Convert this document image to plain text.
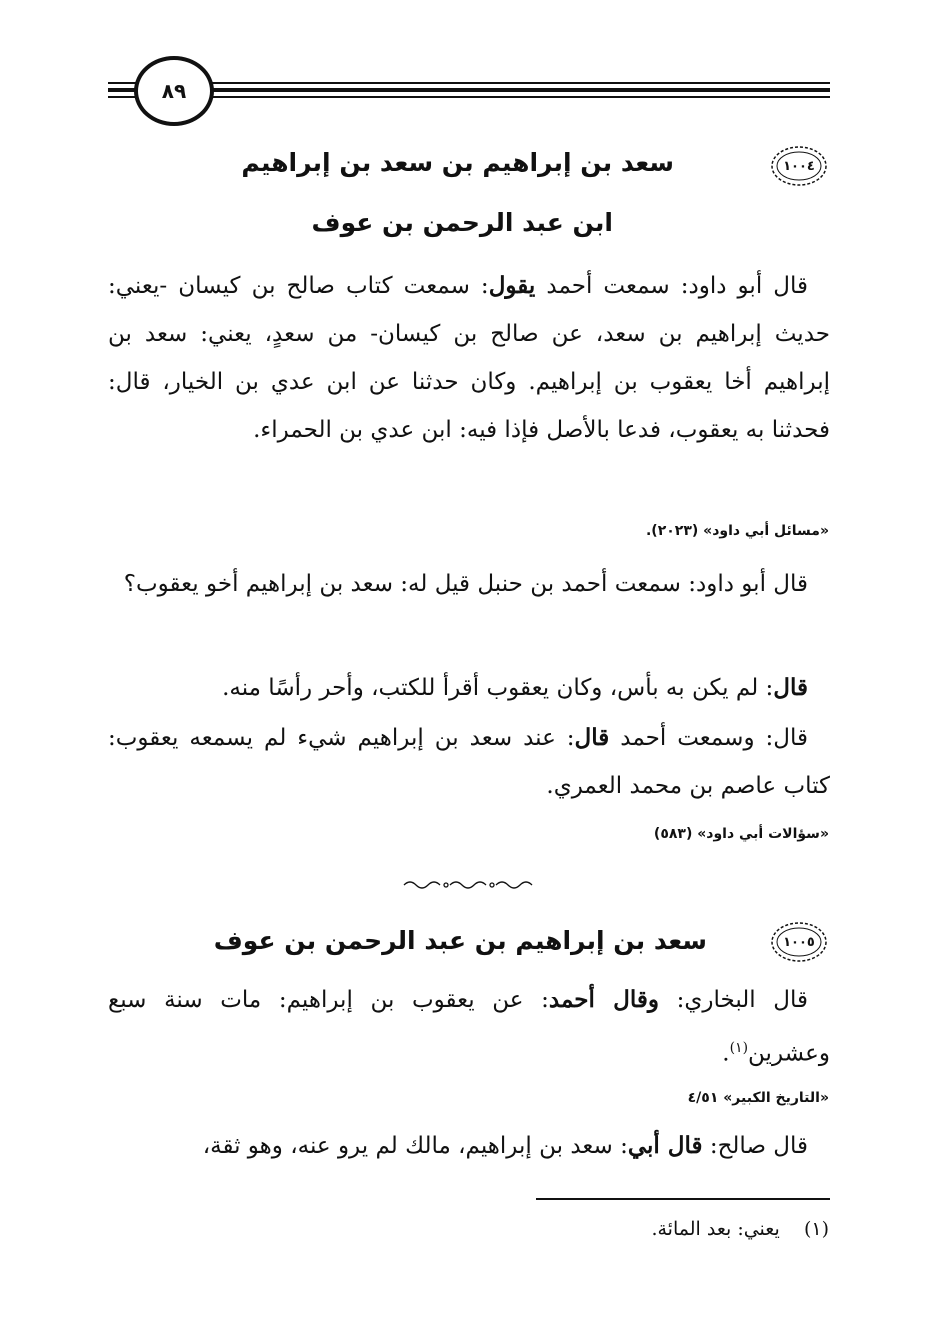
٨٩
١٠٠٤
سعد بن إبراهيم بن سعد بن إبراهيم
ابن عبد الرحمن بن عوف
قال أبو داود: سمعت أحمد يقول: سمعت كتاب صالح بن كيسان -يعني: حديث إبراهيم بن سعد، عن صالح بن كيسان- من سعدٍ، يعني: سعد بن إبراهيم أخا يعقوب بن إبراهيم. وكان حدثنا عن ابن عدي بن الخيار، قال: فحدثنا به يعقوب، فدعا بالأصل فإذا فيه: ابن عدي بن الحمراء.
«مسائل أبي داود» (٢٠٢٣).
قال أبو داود: سمعت أحمد بن حنبل قيل له: سعد بن إبراهيم أخو يعقوب؟
قال: لم يكن به بأس، وكان يعقوب أقرأ للكتب، وأحر رأسًا منه.
قال: وسمعت أحمد قال: عند سعد بن إبراهيم شيء لم يسمعه يعقوب: كتاب عاصم بن محمد العمري.
«سؤالات أبي داود» (٥٨٣)
١٠٠٥
سعد بن إبراهيم بن عبد الرحمن بن عوف
قال البخاري: وقال أحمد: عن يعقوب بن إبراهيم: مات سنة سبع وعشرين$^{(١)}$.
«التاريخ الكبير» ٤/٥١
قال صالح: قال أبي: سعد بن إبراهيم، مالك لم يرو عنه، وهو ثقة،
(١)    يعني: بعد المائة.
